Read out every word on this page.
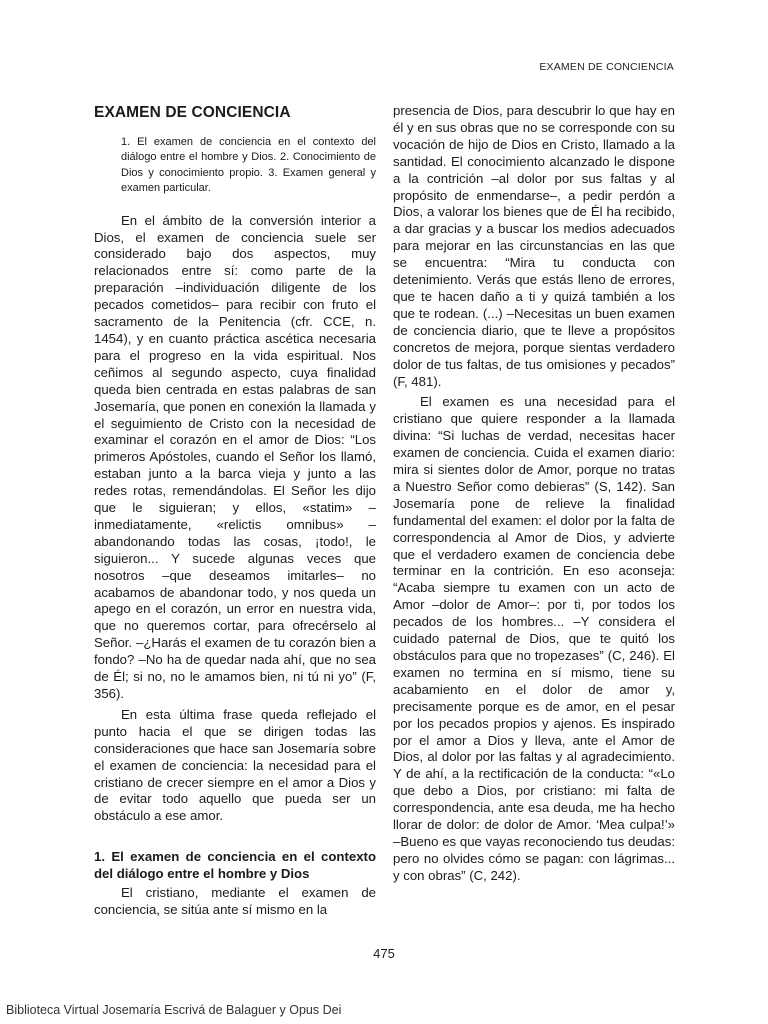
EXAMEN DE CONCIENCIA
EXAMEN DE CONCIENCIA

1. El examen de conciencia en el contexto del diálogo entre el hombre y Dios. 2. Conocimiento de Dios y conocimiento propio. 3. Examen general y examen particular.

En el ámbito de la conversión interior a Dios, el examen de conciencia suele ser considerado bajo dos aspectos, muy relacionados entre sí: como parte de la preparación –individuación diligente de los pecados cometidos– para recibir con fruto el sacramento de la Penitencia (cfr. CCE, n. 1454), y en cuanto práctica ascética necesaria para el progreso en la vida espiritual. Nos ceñimos al segundo aspecto, cuya finalidad queda bien centrada en estas palabras de san Josemaría, que ponen en conexión la llamada y el seguimiento de Cristo con la necesidad de examinar el corazón en el amor de Dios: “Los primeros Apóstoles, cuando el Señor los llamó, estaban junto a la barca vieja y junto a las redes rotas, remendándolas. El Señor les dijo que le siguieran; y ellos, «statim» –inmediatamente, «relictis omnibus» –abandonando todas las cosas, ¡todo!, le siguieron... Y sucede algunas veces que nosotros –que deseamos imitarles– no acabamos de abandonar todo, y nos queda un apego en el corazón, un error en nuestra vida, que no queremos cortar, para ofrecérselo al Señor. –¿Harás el examen de tu corazón bien a fondo? –No ha de quedar nada ahí, que no sea de Él; si no, no le amamos bien, ni tú ni yo” (F, 356).

En esta última frase queda reflejado el punto hacia el que se dirigen todas las consideraciones que hace san Josemaría sobre el examen de conciencia: la necesidad para el cristiano de crecer siempre en el amor a Dios y de evitar todo aquello que pueda ser un obstáculo a ese amor.

1. El examen de conciencia en el contexto del diálogo entre el hombre y Dios

El cristiano, mediante el examen de conciencia, se sitúa ante sí mismo en la

presencia de Dios, para descubrir lo que hay en él y en sus obras que no se corresponde con su vocación de hijo de Dios en Cristo, llamado a la santidad. El conocimiento alcanzado le dispone a la contrición –al dolor por sus faltas y al propósito de enmendarse–, a pedir perdón a Dios, a valorar los bienes que de Él ha recibido, a dar gracias y a buscar los medios adecuados para mejorar en las circunstancias en las que se encuentra: “Mira tu conducta con detenimiento. Verás que estás lleno de errores, que te hacen daño a ti y quizá también a los que te rodean. (...) –Necesitas un buen examen de conciencia diario, que te lleve a propósitos concretos de mejora, porque sientas verdadero dolor de tus faltas, de tus omisiones y pecados” (F, 481).

El examen es una necesidad para el cristiano que quiere responder a la llamada divina: “Si luchas de verdad, necesitas hacer examen de conciencia. Cuida el examen diario: mira si sientes dolor de Amor, porque no tratas a Nuestro Señor como debieras” (S, 142). San Josemaría pone de relieve la finalidad fundamental del examen: el dolor por la falta de correspondencia al Amor de Dios, y advierte que el verdadero examen de conciencia debe terminar en la contrición. En eso aconseja: “Acaba siempre tu examen con un acto de Amor –dolor de Amor–: por ti, por todos los pecados de los hombres... –Y considera el cuidado paternal de Dios, que te quitó los obstáculos para que no tropezases” (C, 246). El examen no termina en sí mismo, tiene su acabamiento en el dolor de amor y, precisamente porque es de amor, en el pesar por los pecados propios y ajenos. Es inspirado por el amor a Dios y lleva, ante el Amor de Dios, al dolor por las faltas y al agradecimiento. Y de ahí, a la rectificación de la conducta: “«Lo que debo a Dios, por cristiano: mi falta de correspondencia, ante esa deuda, me ha hecho llorar de dolor: de dolor de Amor. ‘Mea culpa!’» –Bueno es que vayas reconociendo tus deudas: pero no olvides cómo se pagan: con lágrimas... y con obras” (C, 242).

475
Biblioteca Virtual Josemaría Escrivá de Balaguer y Opus Dei
